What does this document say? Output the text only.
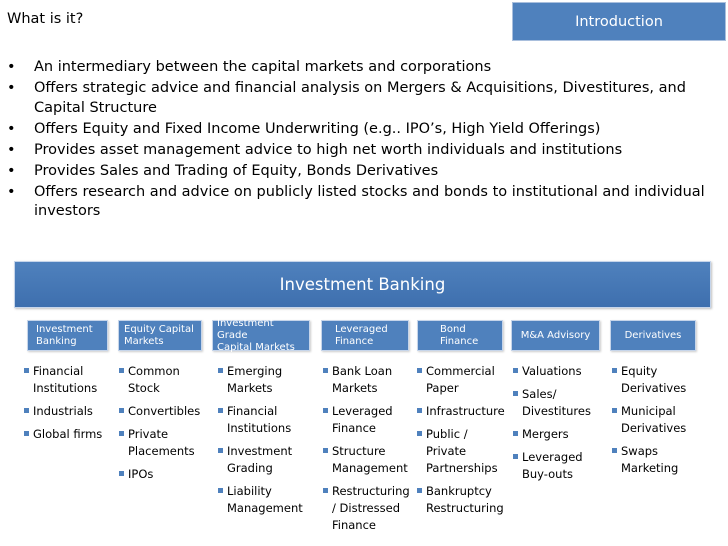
What is it?	Introduction
• An intermediary between the capital markets and corporations
• Offers strategic advice and financial analysis on Mergers & Acquisitions, Divestitures, and Capital Structure
• Offers Equity and Fixed Income Underwriting (e.g.. IPO’s, High Yield Offerings)
• Provides asset management advice to high net worth individuals and institutions
• Provides Sales and Trading of Equity, Bonds Derivatives
• Offers research and advice on publicly listed stocks and bonds to institutional and individual investors
Investment Banking
Investment
Banking
Equity Capital
Markets
Investment Grade
Capital Markets
Leveraged
Finance
Bond
Finance
M&A Advisory	Derivatives
Financial Institutions
Industrials
Global firms
Common Stock
Convertibles
Private Placements
IPOs
Emerging Markets
Financial Institutions
Investment Grading
Liability Management
Bank Loan Markets
Leveraged Finance
Structure Management
Restructuring / Distressed Finance
Commercial Paper
Infrastructure
Public / Private Partnerships
Bankruptcy Restructuring
Valuations
Sales/ Divestitures
Mergers
Leveraged Buy-outs
Equity Derivatives
Municipal Derivatives
Swaps Marketing
